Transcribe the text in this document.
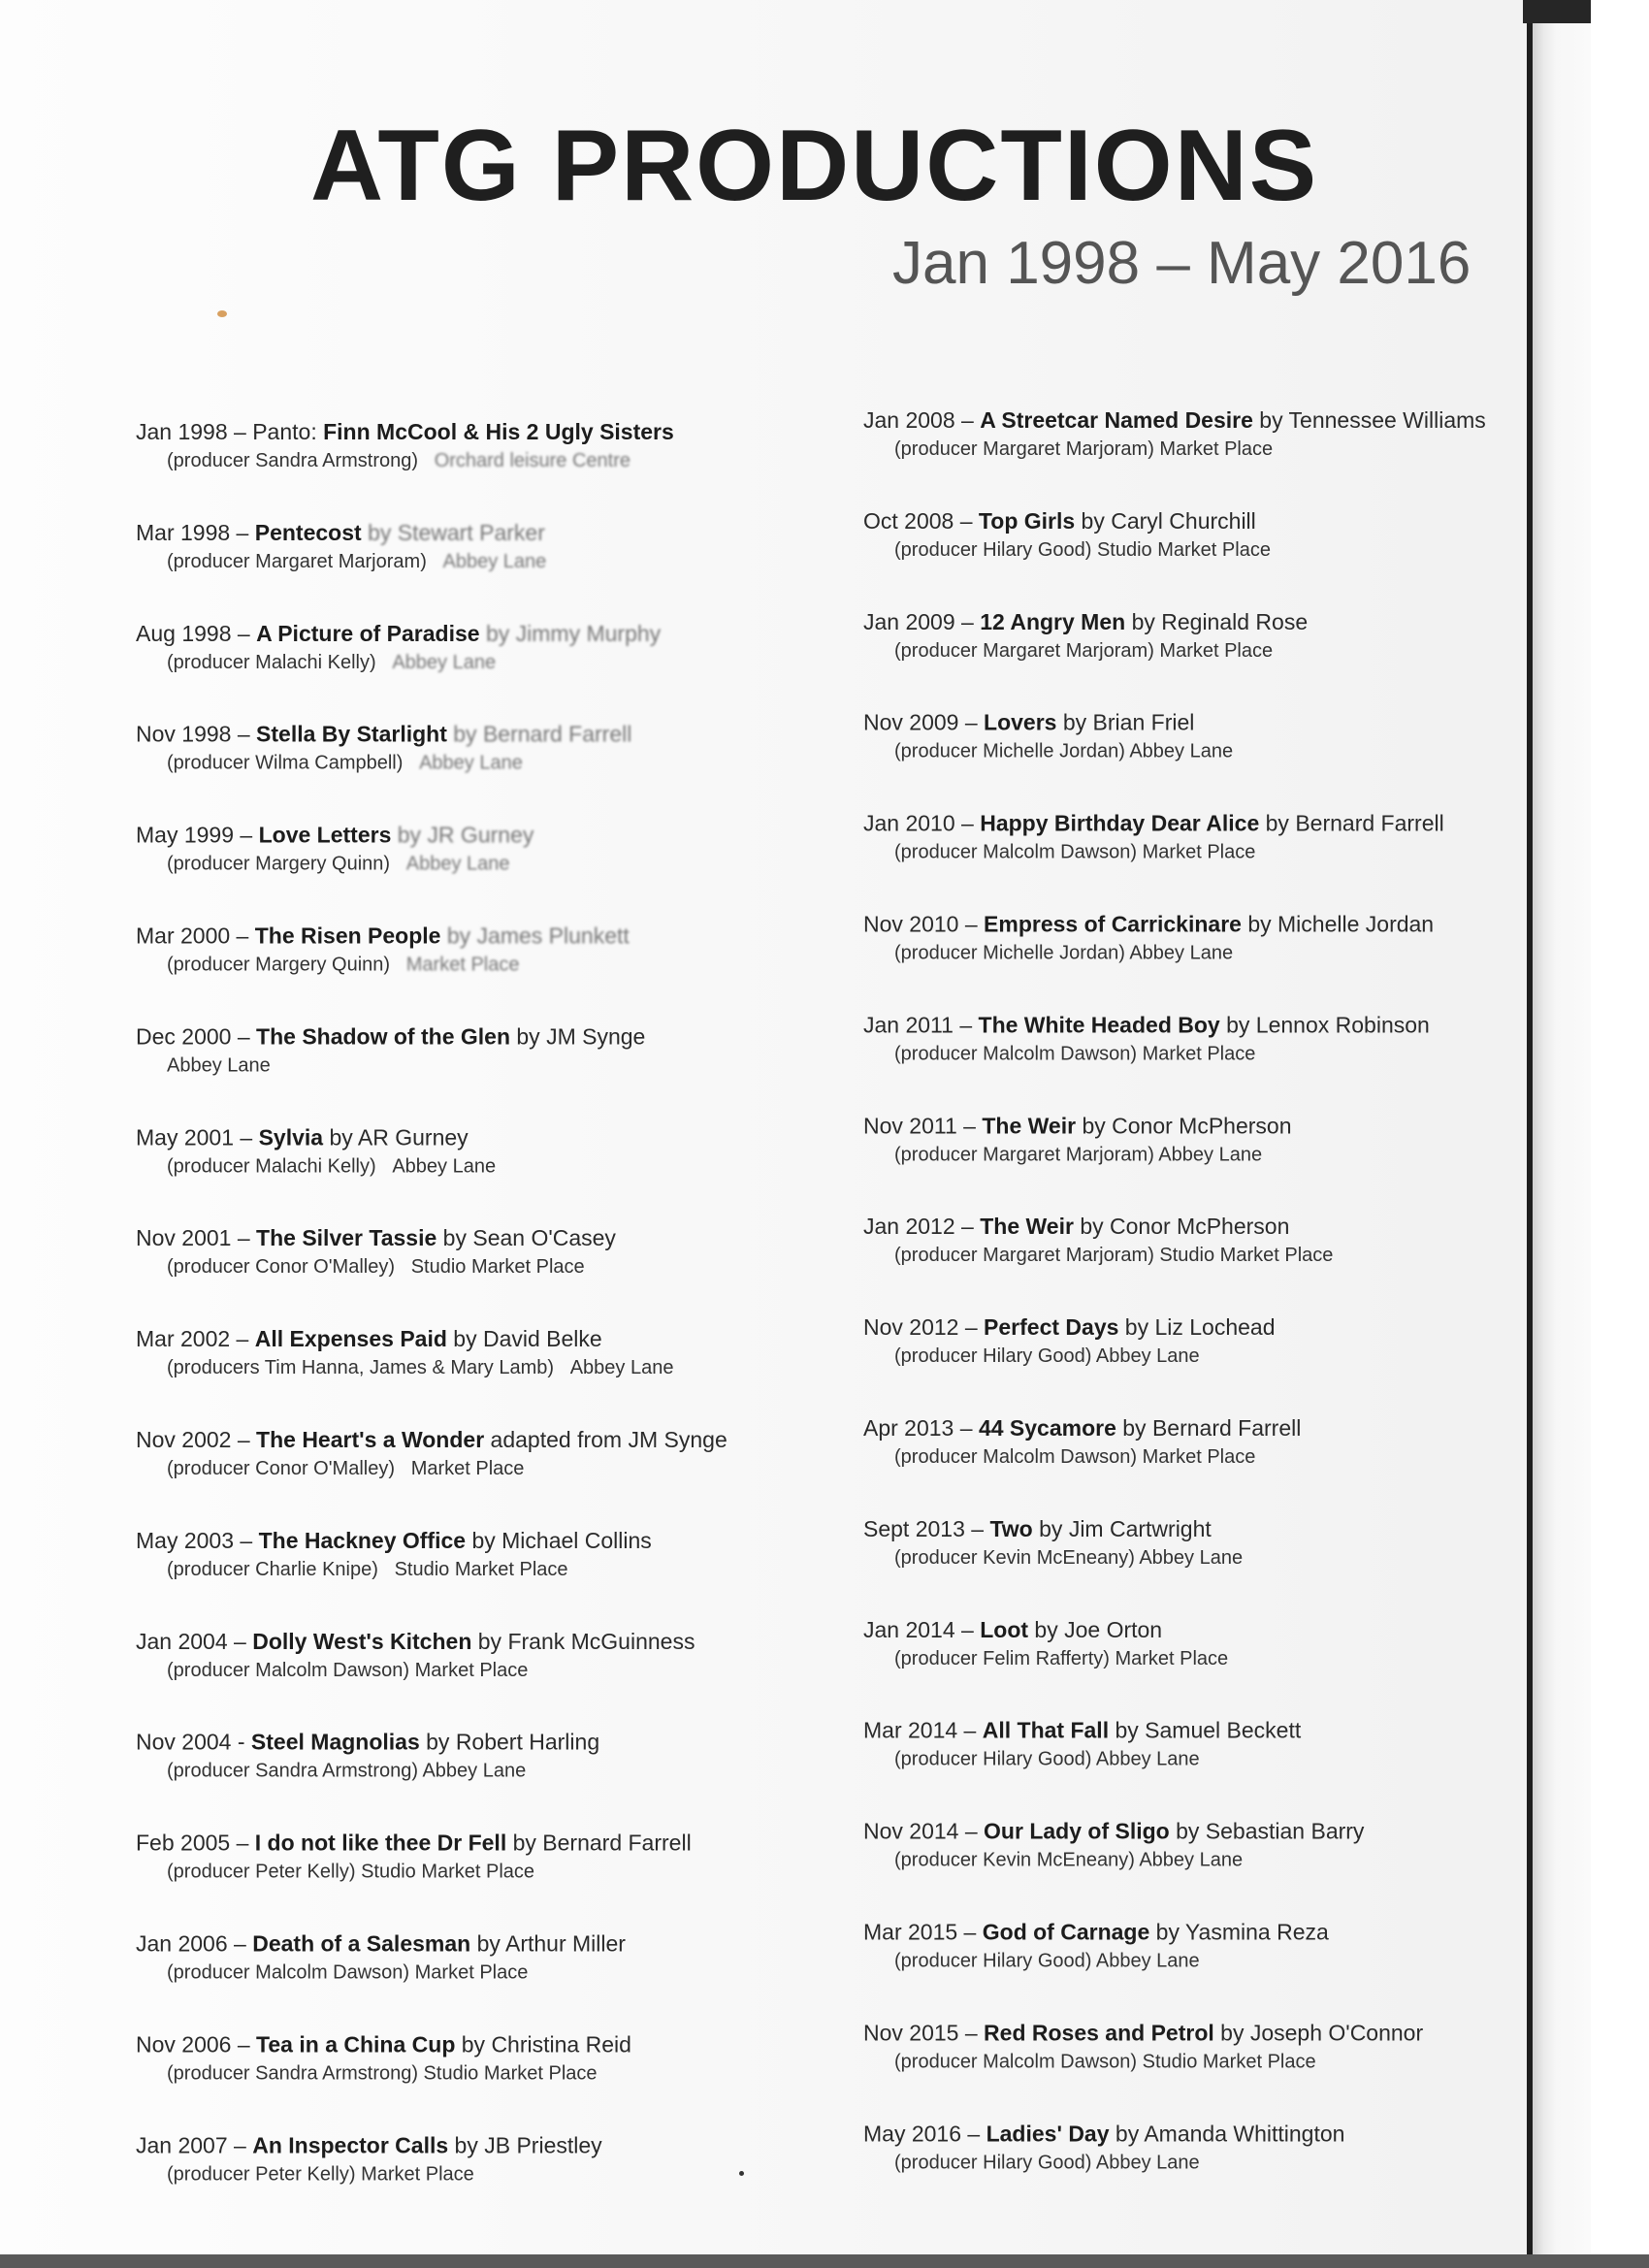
ATG PRODUCTIONS
Jan 1998 – May 2016
Jan 1998 – Panto: Finn McCool & His 2 Ugly Sisters
(producer Sandra Armstrong) Orchard leisure Centre
Mar 1998 – Pentecost by Stewart Parker
(producer Margaret Marjoram) Abbey Lane
Aug 1998 – A Picture of Paradise by Jimmy Murphy
(producer Malachi Kelly) Abbey Lane
Nov 1998 – Stella By Starlight by Bernard Farrell
(producer Wilma Campbell) Abbey Lane
May 1999 – Love Letters by JR Gurney
(producer Margery Quinn) Abbey Lane
Mar 2000 – The Risen People by James Plunkett
(producer Margery Quinn) Market Place
Dec 2000 – The Shadow of the Glen by JM Synge
Abbey Lane
May 2001 – Sylvia by AR Gurney
(producer Malachi Kelly) Abbey Lane
Nov 2001 – The Silver Tassie by Sean O'Casey
(producer Conor O'Malley) Studio Market Place
Mar 2002 – All Expenses Paid by David Belke
(producers Tim Hanna, James & Mary Lamb) Abbey Lane
Nov 2002 – The Heart's a Wonder adapted from JM Synge
(producer Conor O'Malley) Market Place
May 2003 – The Hackney Office by Michael Collins
(producer Charlie Knipe) Studio Market Place
Jan 2004 – Dolly West's Kitchen by Frank McGuinness
(producer Malcolm Dawson) Market Place
Nov 2004 - Steel Magnolias by Robert Harling
(producer Sandra Armstrong) Abbey Lane
Feb 2005 – I do not like thee Dr Fell by Bernard Farrell
(producer Peter Kelly) Studio Market Place
Jan 2006 – Death of a Salesman by Arthur Miller
(producer Malcolm Dawson) Market Place
Nov 2006 – Tea in a China Cup by Christina Reid
(producer Sandra Armstrong) Studio Market Place
Jan 2007 – An Inspector Calls by JB Priestley
(producer Peter Kelly) Market Place
Jan 2008 – A Streetcar Named Desire by Tennessee Williams
(producer Margaret Marjoram) Market Place
Oct 2008 – Top Girls by Caryl Churchill
(producer Hilary Good) Studio Market Place
Jan 2009 – 12 Angry Men by Reginald Rose
(producer Margaret Marjoram) Market Place
Nov 2009 – Lovers by Brian Friel
(producer Michelle Jordan) Abbey Lane
Jan 2010 – Happy Birthday Dear Alice by Bernard Farrell
(producer Malcolm Dawson) Market Place
Nov 2010 – Empress of Carrickinare by Michelle Jordan
(producer Michelle Jordan) Abbey Lane
Jan 2011 – The White Headed Boy by Lennox Robinson
(producer Malcolm Dawson) Market Place
Nov 2011 – The Weir by Conor McPherson
(producer Margaret Marjoram) Abbey Lane
Jan 2012 – The Weir by Conor McPherson
(producer Margaret Marjoram) Studio Market Place
Nov 2012 – Perfect Days by Liz Lochead
(producer Hilary Good) Abbey Lane
Apr 2013 – 44 Sycamore by Bernard Farrell
(producer Malcolm Dawson) Market Place
Sept 2013 – Two by Jim Cartwright
(producer Kevin McEneany) Abbey Lane
Jan 2014 – Loot by Joe Orton
(producer Felim Rafferty) Market Place
Mar 2014 – All That Fall by Samuel Beckett
(producer Hilary Good) Abbey Lane
Nov 2014 – Our Lady of Sligo by Sebastian Barry
(producer Kevin McEneany) Abbey Lane
Mar 2015 – God of Carnage by Yasmina Reza
(producer Hilary Good) Abbey Lane
Nov 2015 – Red Roses and Petrol by Joseph O'Connor
(producer Malcolm Dawson) Studio Market Place
May 2016 – Ladies' Day by Amanda Whittington
(producer Hilary Good) Abbey Lane
